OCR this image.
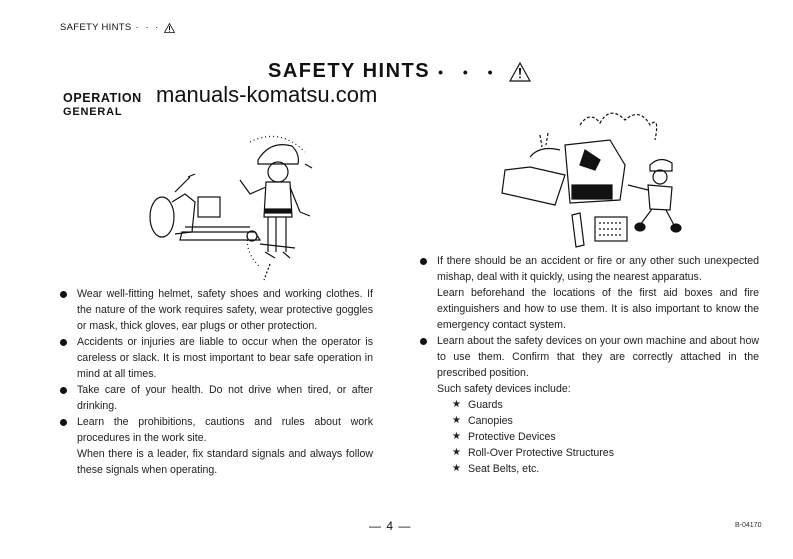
SAFETY HINTS · · ·
SAFETY HINTS • • •
OPERATION
GENERAL
manuals-komatsu.com

Wear well-fitting helmet, safety shoes and working clothes. If the nature of the work requires safety, wear protective goggles or mask, thick gloves, ear plugs or other protection.

Accidents or injuries are liable to occur when the operator is careless or slack. It is most important to bear safe operation in mind at all times.

Take care of your health. Do not drive when tired, or after drinking.

Learn the prohibitions, cautions and rules about work procedures in the work site.

When there is a leader, fix standard signals and always follow these signals when operating.

If there should be an accident or fire or any other such unexpected mishap, deal with it quickly, using the nearest apparatus.

Learn beforehand the locations of the first aid boxes and fire extinguishers and how to use them. It is also important to know the emergency contact system.

Learn about the safety devices on your own machine and about how to use them. Confirm that they are correctly attached in the prescribed position.

Such safety devices include:

★ Guards
★ Canopies
★ Protective Devices
★ Roll-Over Protective Structures
★ Seat Belts, etc.
— 4 —	B-04170
